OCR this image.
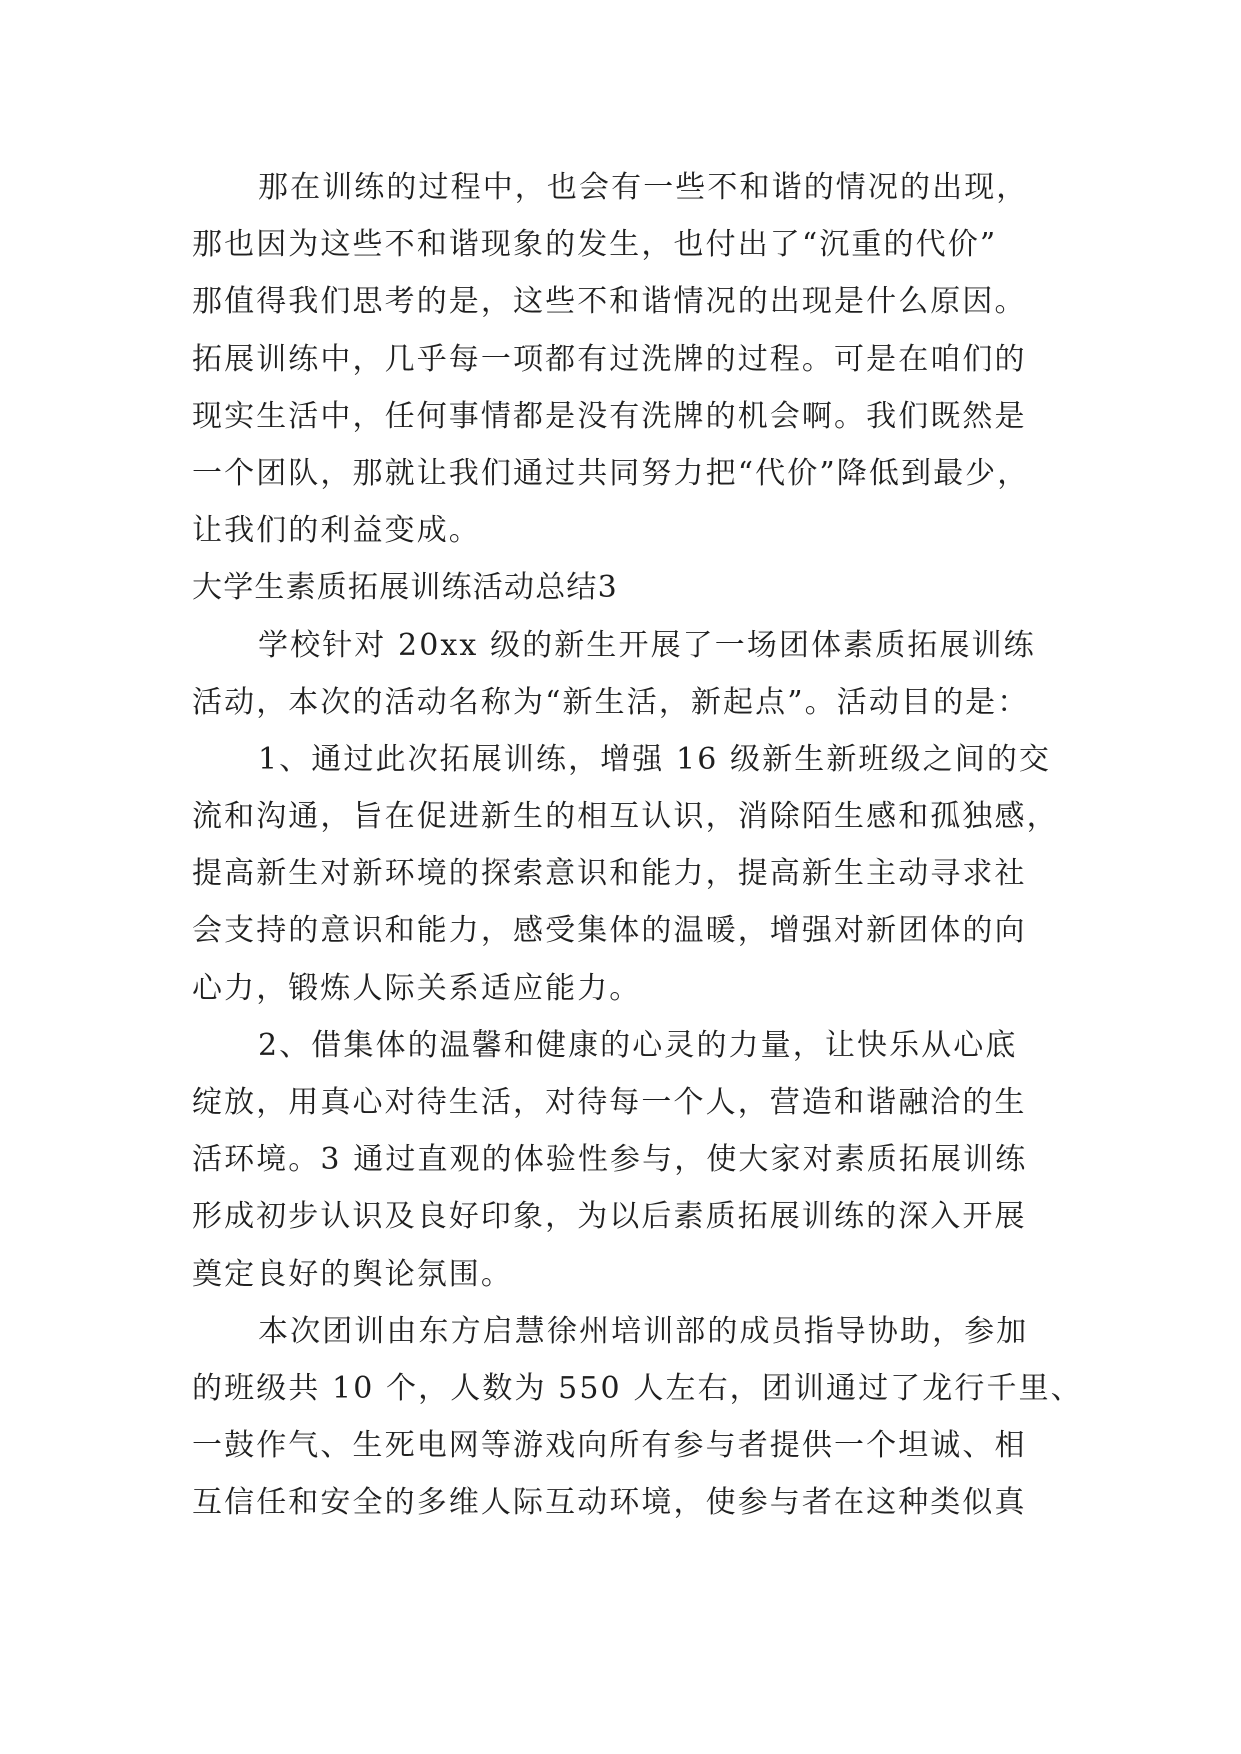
那在训练的过程中，也会有一些不和谐的情况的出现，
那也因为这些不和谐现象的发生，也付出了“沉重的代价”
那值得我们思考的是，这些不和谐情况的出现是什么原因。
拓展训练中，几乎每一项都有过洗牌的过程。可是在咱们的
现实生活中，任何事情都是没有洗牌的机会啊。我们既然是
一个团队，那就让我们通过共同努力把“代价”降低到最少，
让我们的利益变成。
大学生素质拓展训练活动总结3
学校针对 20xx 级的新生开展了一场团体素质拓展训练
活动，本次的活动名称为“新生活，新起点”。活动目的是：
1、通过此次拓展训练，增强 16 级新生新班级之间的交
流和沟通，旨在促进新生的相互认识，消除陌生感和孤独感，
提高新生对新环境的探索意识和能力，提高新生主动寻求社
会支持的意识和能力，感受集体的温暖，增强对新团体的向
心力，锻炼人际关系适应能力。
2、借集体的温馨和健康的心灵的力量，让快乐从心底
绽放，用真心对待生活，对待每一个人，营造和谐融洽的生
活环境。3 通过直观的体验性参与，使大家对素质拓展训练
形成初步认识及良好印象，为以后素质拓展训练的深入开展
奠定良好的舆论氛围。
本次团训由东方启慧徐州培训部的成员指导协助，参加
的班级共 10 个，人数为 550 人左右，团训通过了龙行千里、
一鼓作气、生死电网等游戏向所有参与者提供一个坦诚、相
互信任和安全的多维人际互动环境，使参与者在这种类似真
